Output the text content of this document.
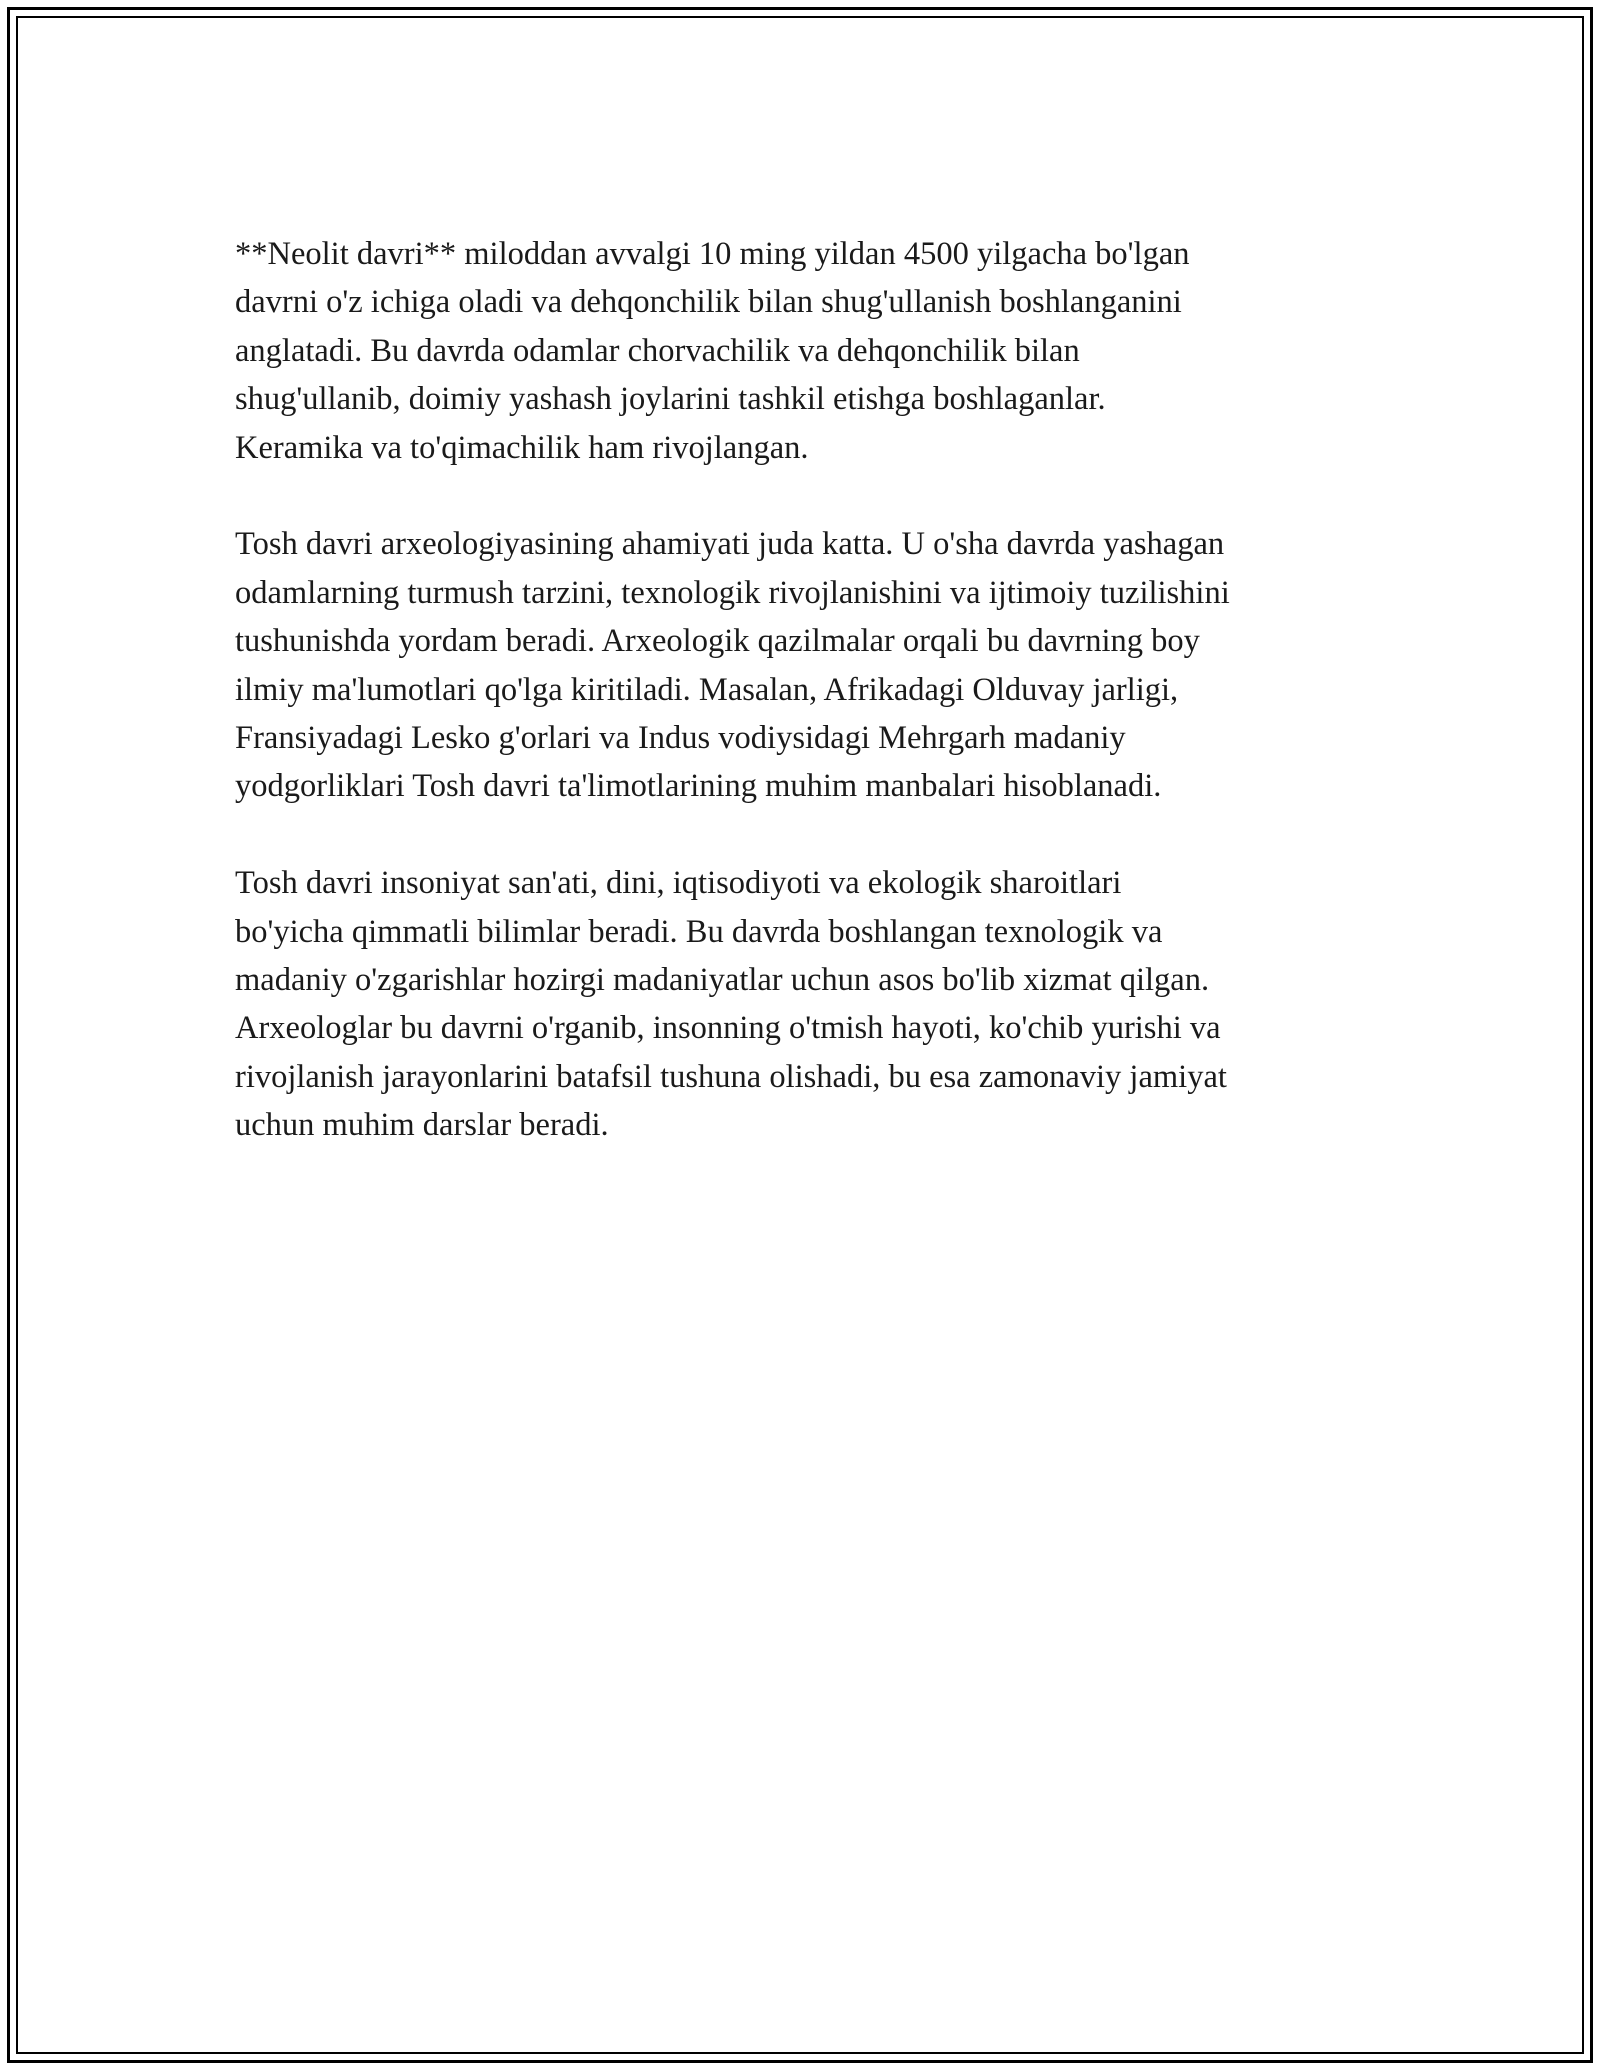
**Neolit davri** miloddan avvalgi 10 ming yildan 4500 yilgacha bo'lgan
davrni o'z ichiga oladi va dehqonchilik bilan shug'ullanish boshlanganini
anglatadi. Bu davrda odamlar chorvachilik va dehqonchilik bilan
shug'ullanib, doimiy yashash joylarini tashkil etishga boshlaganlar.
Keramika va to'qimachilik ham rivojlangan.

Tosh davri arxeologiyasining ahamiyati juda katta. U o'sha davrda yashagan
odamlarning turmush tarzini, texnologik rivojlanishini va ijtimoiy tuzilishini
tushunishda yordam beradi. Arxeologik qazilmalar orqali bu davrning boy
ilmiy ma'lumotlari qo'lga kiritiladi. Masalan, Afrikadagi Olduvay jarligi,
Fransiyadagi Lesko g'orlari va Indus vodiysidagi Mehrgarh madaniy
yodgorliklari Tosh davri ta'limotlarining muhim manbalari hisoblanadi.

Tosh davri insoniyat san'ati, dini, iqtisodiyoti va ekologik sharoitlari
bo'yicha qimmatli bilimlar beradi. Bu davrda boshlangan texnologik va
madaniy o'zgarishlar hozirgi madaniyatlar uchun asos bo'lib xizmat qilgan.
Arxeologlar bu davrni o'rganib, insonning o'tmish hayoti, ko'chib yurishi va
rivojlanish jarayonlarini batafsil tushuna olishadi, bu esa zamonaviy jamiyat
uchun muhim darslar beradi.
